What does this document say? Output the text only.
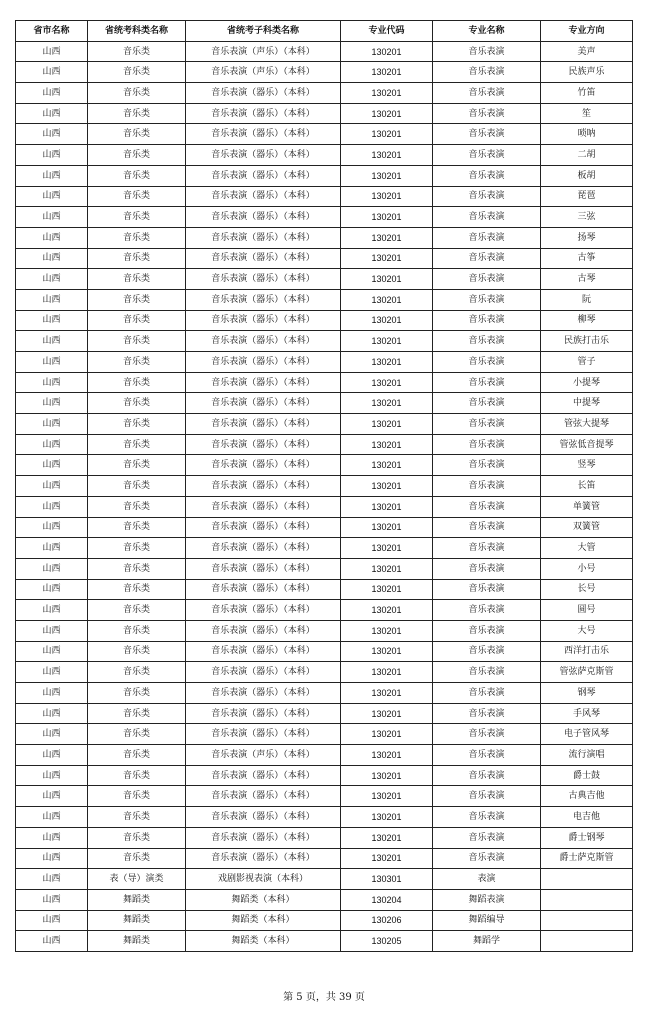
省市名称	省统考科类名称	省统考子科类名称	专业代码	专业名称	专业方向
山西	音乐类	音乐表演（声乐）（本科）	130201	音乐表演	美声
山西	音乐类	音乐表演（声乐）（本科）	130201	音乐表演	民族声乐
山西	音乐类	音乐表演（器乐）（本科）	130201	音乐表演	竹笛
山西	音乐类	音乐表演（器乐）（本科）	130201	音乐表演	笙
山西	音乐类	音乐表演（器乐）（本科）	130201	音乐表演	唢呐
山西	音乐类	音乐表演（器乐）（本科）	130201	音乐表演	二胡
山西	音乐类	音乐表演（器乐）（本科）	130201	音乐表演	板胡
山西	音乐类	音乐表演（器乐）（本科）	130201	音乐表演	琵琶
山西	音乐类	音乐表演（器乐）（本科）	130201	音乐表演	三弦
山西	音乐类	音乐表演（器乐）（本科）	130201	音乐表演	扬琴
山西	音乐类	音乐表演（器乐）（本科）	130201	音乐表演	古筝
山西	音乐类	音乐表演（器乐）（本科）	130201	音乐表演	古琴
山西	音乐类	音乐表演（器乐）（本科）	130201	音乐表演	阮
山西	音乐类	音乐表演（器乐）（本科）	130201	音乐表演	柳琴
山西	音乐类	音乐表演（器乐）（本科）	130201	音乐表演	民族打击乐
山西	音乐类	音乐表演（器乐）（本科）	130201	音乐表演	管子
山西	音乐类	音乐表演（器乐）（本科）	130201	音乐表演	小提琴
山西	音乐类	音乐表演（器乐）（本科）	130201	音乐表演	中提琴
山西	音乐类	音乐表演（器乐）（本科）	130201	音乐表演	管弦大提琴
山西	音乐类	音乐表演（器乐）（本科）	130201	音乐表演	管弦低音提琴
山西	音乐类	音乐表演（器乐）（本科）	130201	音乐表演	竖琴
山西	音乐类	音乐表演（器乐）（本科）	130201	音乐表演	长笛
山西	音乐类	音乐表演（器乐）（本科）	130201	音乐表演	单簧管
山西	音乐类	音乐表演（器乐）（本科）	130201	音乐表演	双簧管
山西	音乐类	音乐表演（器乐）（本科）	130201	音乐表演	大管
山西	音乐类	音乐表演（器乐）（本科）	130201	音乐表演	小号
山西	音乐类	音乐表演（器乐）（本科）	130201	音乐表演	长号
山西	音乐类	音乐表演（器乐）（本科）	130201	音乐表演	圆号
山西	音乐类	音乐表演（器乐）（本科）	130201	音乐表演	大号
山西	音乐类	音乐表演（器乐）（本科）	130201	音乐表演	西洋打击乐
山西	音乐类	音乐表演（器乐）（本科）	130201	音乐表演	管弦萨克斯管
山西	音乐类	音乐表演（器乐）（本科）	130201	音乐表演	钢琴
山西	音乐类	音乐表演（器乐）（本科）	130201	音乐表演	手风琴
山西	音乐类	音乐表演（器乐）（本科）	130201	音乐表演	电子管风琴
山西	音乐类	音乐表演（声乐）（本科）	130201	音乐表演	流行演唱
山西	音乐类	音乐表演（器乐）（本科）	130201	音乐表演	爵士鼓
山西	音乐类	音乐表演（器乐）（本科）	130201	音乐表演	古典吉他
山西	音乐类	音乐表演（器乐）（本科）	130201	音乐表演	电吉他
山西	音乐类	音乐表演（器乐）（本科）	130201	音乐表演	爵士钢琴
山西	音乐类	音乐表演（器乐）（本科）	130201	音乐表演	爵士萨克斯管
山西	表（导）演类	戏剧影视表演（本科）	130301	表演	
山西	舞蹈类	舞蹈类（本科）	130204	舞蹈表演	
山西	舞蹈类	舞蹈类（本科）	130206	舞蹈编导	
山西	舞蹈类	舞蹈类（本科）	130205	舞蹈学	
第 5 页，共 39 页
